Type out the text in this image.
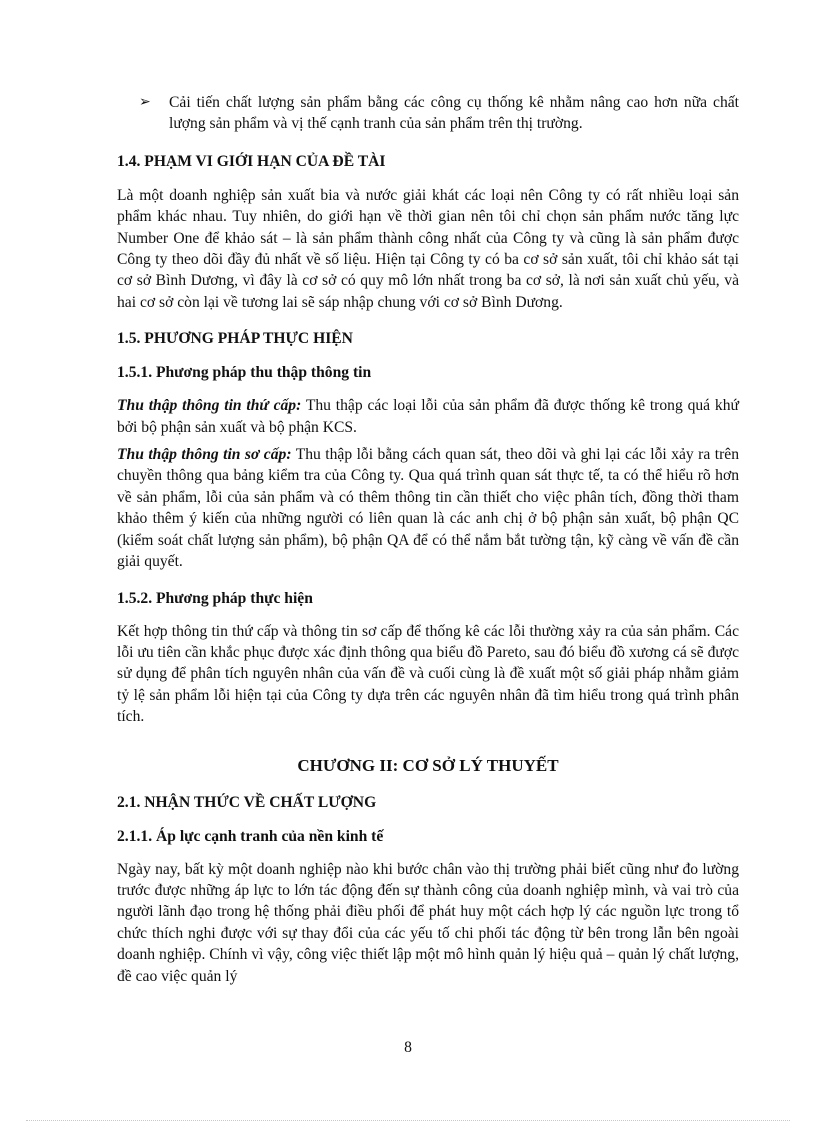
➢ Cải tiến chất lượng sản phẩm bằng các công cụ thống kê nhằm nâng cao hơn nữa chất lượng sản phẩm và vị thế cạnh tranh của sản phẩm trên thị trường.

1.4. PHẠM VI GIỚI HẠN CỦA ĐỀ TÀI

Là một doanh nghiệp sản xuất bia và nước giải khát các loại nên Công ty có rất nhiều loại sản phẩm khác nhau. Tuy nhiên, do giới hạn về thời gian nên tôi chỉ chọn sản phẩm nước tăng lực Number One để khảo sát – là sản phẩm thành công nhất của Công ty và cũng là sản phẩm được Công ty theo dõi đầy đủ nhất về số liệu. Hiện tại Công ty có ba cơ sở sản xuất, tôi chỉ khảo sát tại cơ sở Bình Dương, vì đây là cơ sở có quy mô lớn nhất trong ba cơ sở, là nơi sản xuất chủ yếu, và hai cơ sở còn lại về tương lai sẽ sáp nhập chung với cơ sở Bình Dương.

1.5. PHƯƠNG PHÁP THỰC HIỆN
1.5.1. Phương pháp thu thập thông tin

Thu thập thông tin thứ cấp: Thu thập các loại lỗi của sản phẩm đã được thống kê trong quá khứ bởi bộ phận sản xuất và bộ phận KCS.

Thu thập thông tin sơ cấp: Thu thập lỗi bằng cách quan sát, theo dõi và ghi lại các lỗi xảy ra trên chuyền thông qua bảng kiểm tra của Công ty. Qua quá trình quan sát thực tế, ta có thể hiểu rõ hơn về sản phẩm, lỗi của sản phẩm và có thêm thông tin cần thiết cho việc phân tích, đồng thời tham khảo thêm ý kiến của những người có liên quan là các anh chị ở bộ phận sản xuất, bộ phận QC (kiểm soát chất lượng sản phẩm), bộ phận QA để có thể nắm bắt tường tận, kỹ càng về vấn đề cần giải quyết.

1.5.2. Phương pháp thực hiện

Kết hợp thông tin thứ cấp và thông tin sơ cấp để thống kê các lỗi thường xảy ra của sản phẩm. Các lỗi ưu tiên cần khắc phục được xác định thông qua biểu đồ Pareto, sau đó biểu đồ xương cá sẽ được sử dụng để phân tích nguyên nhân của vấn đề và cuối cùng là đề xuất một số giải pháp nhằm giảm tỷ lệ sản phẩm lỗi hiện tại của Công ty dựa trên các nguyên nhân đã tìm hiểu trong quá trình phân tích.

CHƯƠNG II: CƠ SỞ LÝ THUYẾT
2.1. NHẬN THỨC VỀ CHẤT LƯỢNG
2.1.1. Áp lực cạnh tranh của nền kinh tế

Ngày nay, bất kỳ một doanh nghiệp nào khi bước chân vào thị trường phải biết cũng như đo lường trước được những áp lực to lớn tác động đến sự thành công của doanh nghiệp mình, và vai trò của người lãnh đạo trong hệ thống phải điều phối để phát huy một cách hợp lý các nguồn lực trong tổ chức thích nghi được với sự thay đổi của các yếu tố chi phối tác động từ bên trong lẫn bên ngoài doanh nghiệp. Chính vì vậy, công việc thiết lập một mô hình quản lý hiệu quả – quản lý chất lượng, đề cao việc quản lý

8
